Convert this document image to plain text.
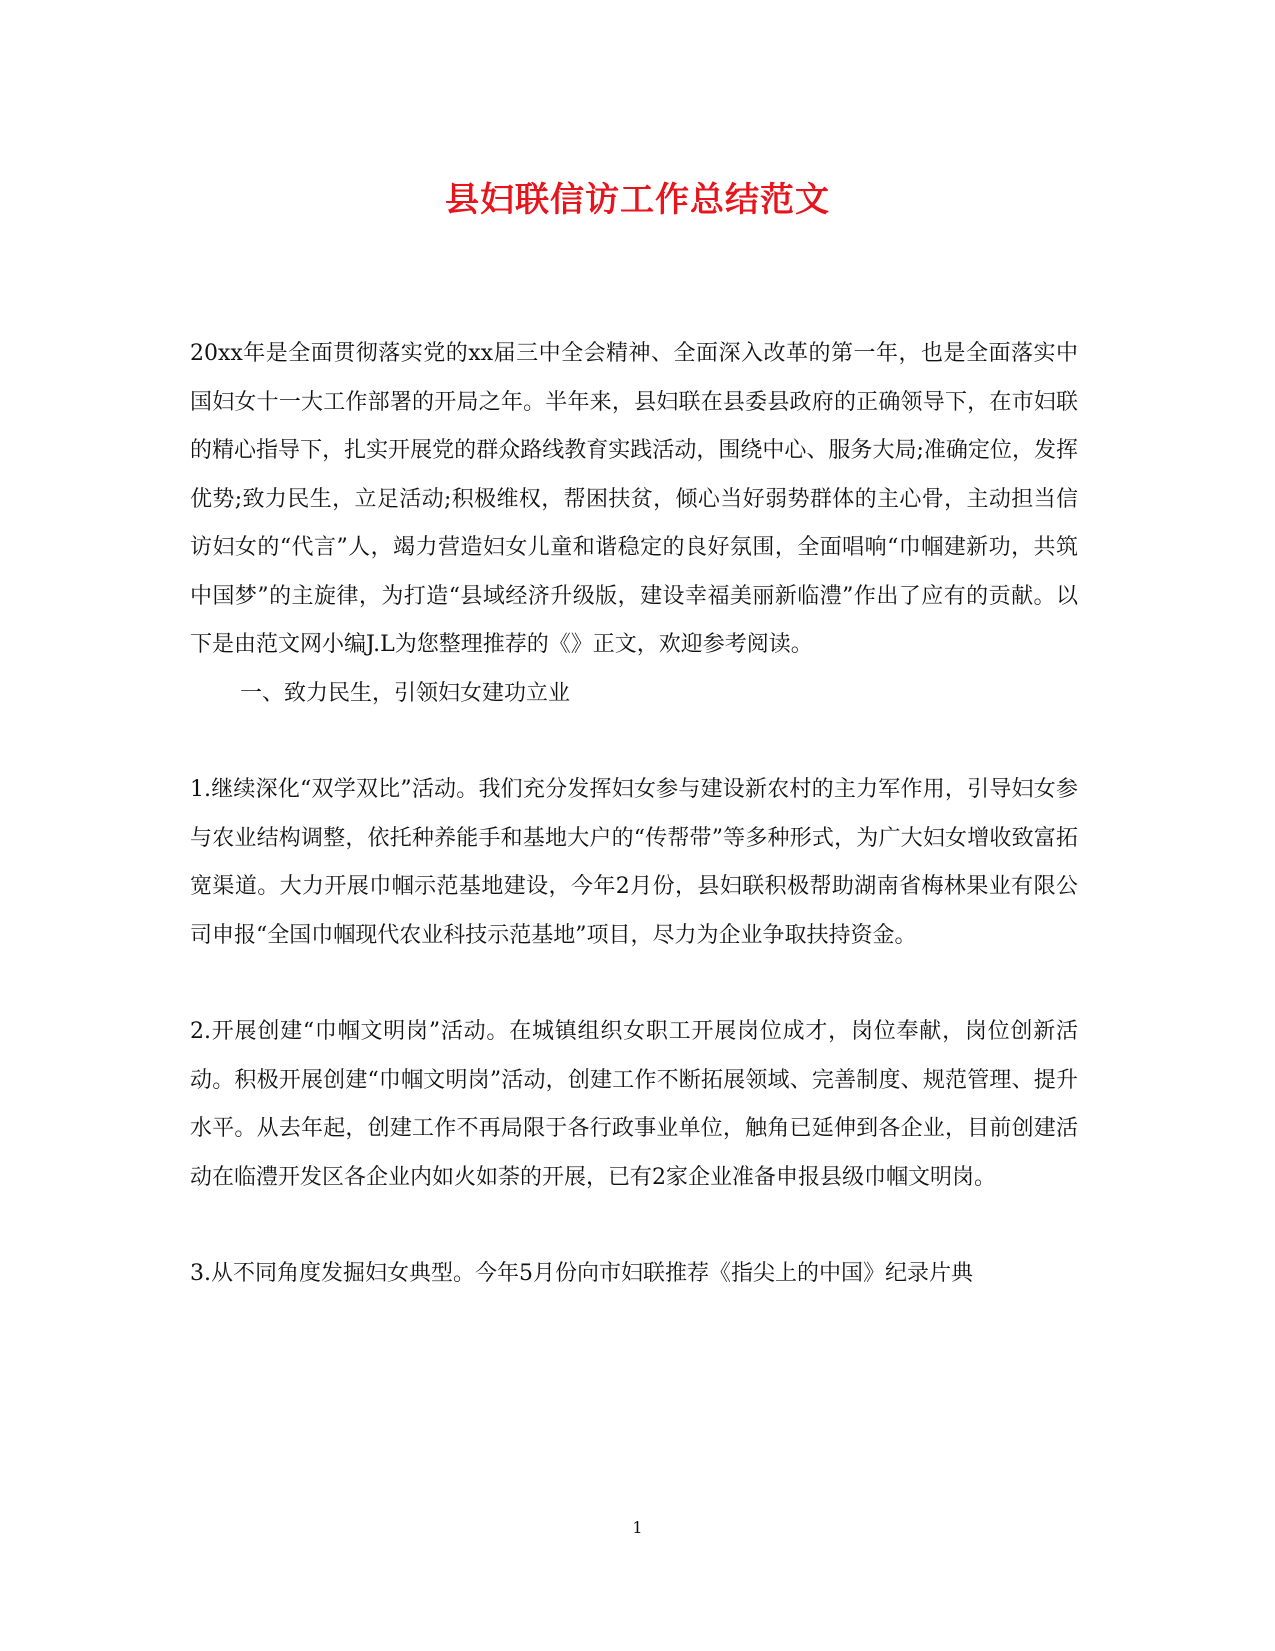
县妇联信访工作总结范文

20xx年是全面贯彻落实党的xx届三中全会精神、全面深入改革的第一年，也是全面落实中国妇女十一大工作部署的开局之年。半年来，县妇联在县委县政府的正确领导下，在市妇联的精心指导下，扎实开展党的群众路线教育实践活动，围绕中心、服务大局;准确定位，发挥优势;致力民生，立足活动;积极维权，帮困扶贫，倾心当好弱势群体的主心骨，主动担当信访妇女的“代言”人，竭力营造妇女儿童和谐稳定的良好氛围，全面唱响“巾帼建新功，共筑中国梦”的主旋律，为打造“县域经济升级版，建设幸福美丽新临澧”作出了应有的贡献。以下是由范文网小编J.L为您整理推荐的《》正文，欢迎参考阅读。

一、致力民生，引领妇女建功立业

1.继续深化“双学双比”活动。我们充分发挥妇女参与建设新农村的主力军作用，引导妇女参与农业结构调整，依托种养能手和基地大户的“传帮带”等多种形式，为广大妇女增收致富拓宽渠道。大力开展巾帼示范基地建设，今年2月份，县妇联积极帮助湖南省梅林果业有限公司申报“全国巾帼现代农业科技示范基地”项目，尽力为企业争取扶持资金。

2.开展创建“巾帼文明岗”活动。在城镇组织女职工开展岗位成才，岗位奉献，岗位创新活动。积极开展创建“巾帼文明岗”活动，创建工作不断拓展领域、完善制度、规范管理、提升水平。从去年起，创建工作不再局限于各行政事业单位，触角已延伸到各企业，目前创建活动在临澧开发区各企业内如火如荼的开展，已有2家企业准备申报县级巾帼文明岗。

3.从不同角度发掘妇女典型。今年5月份向市妇联推荐《指尖上的中国》纪录片典

1
